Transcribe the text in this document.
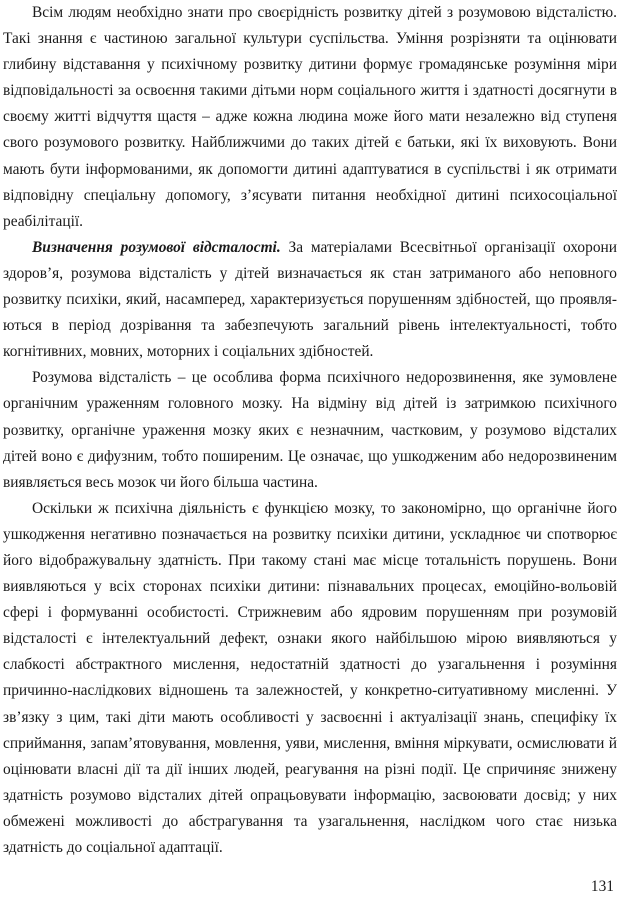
Всім людям необхідно знати про своєрідність розвитку дітей з розумовою відсталістю. Такі знання є частиною загальної культури суспільства. Уміння розрізняти та оцінювати глибину відставання у психічному розвитку дитини формує громадянське розуміння міри відповідальності за освоєння такими дітьми норм соціального життя і здатності досягнути в своєму житті відчуття щастя – адже кожна людина може його мати незалежно від ступеня свого розумового розвитку. Найближчими до таких дітей є батьки, які їх виховують. Вони мають бути інформованими, як допомогти дитині адаптуватися в суспільстві і як отримати відповідну спеціальну допомогу, з’ясувати питання необхідної дитині психосоціальної реабілітації.

Визначення розумової відсталості. За матеріалами Всесвітньої організації охорони здоров’я, розумова відсталість у дітей визначається як стан затриманого або неповного розвитку психіки, який, насамперед, характеризується порушенням здібностей, що проявля-ються в період дозрівання та забезпечують загальний рівень інтелектуальності, тобто когнітивних, мовних, моторних і соціальних здібностей.

Розумова відсталість – це особлива форма психічного недорозвинення, яке зумовлене органічним ураженням головного мозку. На відміну від дітей із затримкою психічного розвитку, органічне ураження мозку яких є незначним, частковим, у розумово відсталих дітей воно є дифузним, тобто поширеним. Це означає, що ушкодженим або недорозвиненим виявляється весь мозок чи його більша частина.

Оскільки ж психічна діяльність є функцією мозку, то закономірно, що органічне його ушкодження негативно позначається на розвитку психіки дитини, ускладнює чи спотворює його відображувальну здатність. При такому стані має місце тотальність порушень. Вони виявляються у всіх сторонах психіки дитини: пізнавальних процесах, емоційно-вольовій сфері і формуванні особистості. Стрижневим або ядровим порушенням при розумовій відсталості є інтелектуальний дефект, ознаки якого найбільшою мірою виявляються у слабкості абстрактного мислення, недостатній здатності до узагальнення і розуміння причинно-наслідкових відношень та залежностей, у конкретно-ситуативному мисленні. У зв’язку з цим, такі діти мають особливості у засвоєнні і актуалізації знань, специфіку їх сприймання, запам’ятовування, мовлення, уяви, мислення, вміння міркувати, осмислювати й оцінювати власні дії та дії інших людей, реагування на різні події. Це спричиняє знижену здатність розумово відсталих дітей опрацьовувати інформацію, засвоювати досвід; у них обмежені можливості до абстрагування та узагальнення, наслідком чого стає низька здатність до соціальної адаптації.

131
